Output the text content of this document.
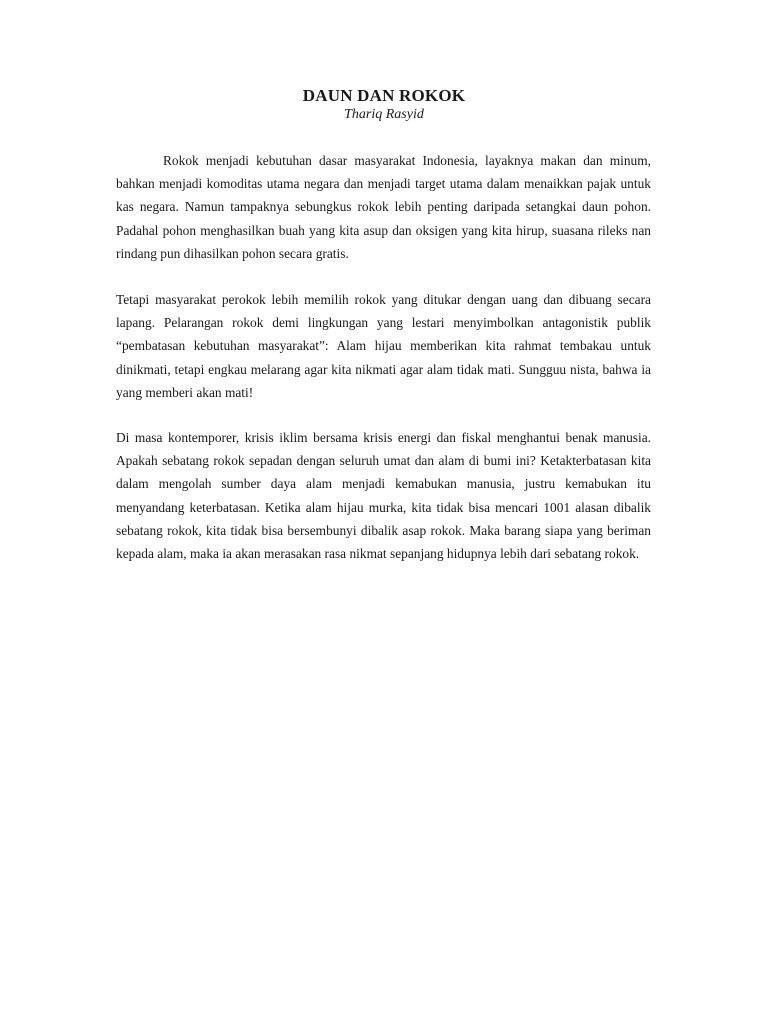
DAUN DAN ROKOK

Thariq Rasyid

Rokok menjadi kebutuhan dasar masyarakat Indonesia, layaknya makan dan minum, bahkan menjadi komoditas utama negara dan menjadi target utama dalam menaikkan pajak untuk kas negara. Namun tampaknya sebungkus rokok lebih penting daripada setangkai daun pohon. Padahal pohon menghasilkan buah yang kita asup dan oksigen yang kita hirup, suasana rileks nan rindang pun dihasilkan pohon secara gratis.

Tetapi masyarakat perokok lebih memilih rokok yang ditukar dengan uang dan dibuang secara lapang. Pelarangan rokok demi lingkungan yang lestari menyimbolkan antagonistik publik “pembatasan kebutuhan masyarakat”: Alam hijau memberikan kita rahmat tembakau untuk dinikmati, tetapi engkau melarang agar kita nikmati agar alam tidak mati. Sungguu nista, bahwa ia yang memberi akan mati!

Di masa kontemporer, krisis iklim bersama krisis energi dan fiskal menghantui benak manusia. Apakah sebatang rokok sepadan dengan seluruh umat dan alam di bumi ini? Ketakterbatasan kita dalam mengolah sumber daya alam menjadi kemabukan manusia, justru kemabukan itu menyandang keterbatasan. Ketika alam hijau murka, kita tidak bisa mencari 1001 alasan dibalik sebatang rokok, kita tidak bisa bersembunyi dibalik asap rokok. Maka barang siapa yang beriman kepada alam, maka ia akan merasakan rasa nikmat sepanjang hidupnya lebih dari sebatang rokok.
